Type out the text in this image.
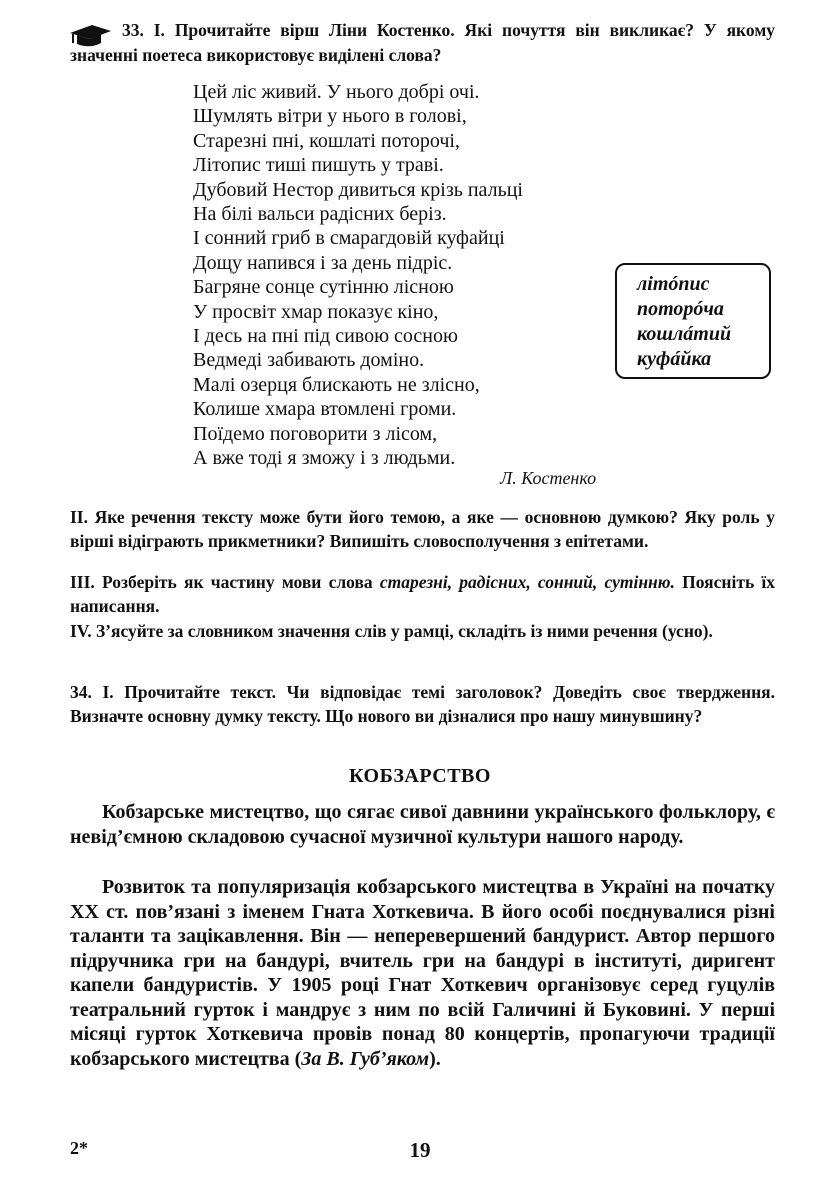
33. I. Прочитайте вірш Ліни Костенко. Які почуття він викликає? У якому значенні поетеса використовує виділені слова?
Цей ліс живий. У нього добрі очі.
Шумлять вітри у нього в голові,
Старезні пні, кошлаті поторочі,
Літопис тиші пишуть у траві.
Дубовий Нестор дивиться крізь пальці
На білі вальси радісних беріз.
І сонний гриб в смарагдовій куфайці
Дощу напився і за день підріс.
Багряне сонце сутінню лісною
У просвіт хмар показує кіно,
І десь на пні під сивою сосною
Ведмеді забивають доміно.
Малі озерця блискають не злісно,
Колише хмара втомлені громи.
Поїдемо поговорити з лісом,
А вже тоді я зможу і з людьми.
Л. Костенко
літóпис
поторóча
кошлáтий
куфáйка
II. Яке речення тексту може бути його темою, а яке — основною думкою? Яку роль у вірші відіграють прикметники? Випишіть словосполучення з епітетами.
III. Розберіть як частину мови слова старезні, радісних, сонний, сутінню. Поясніть їх написання.
IV. З’ясуйте за словником значення слів у рамці, складіть із ними речення (усно).
34. I. Прочитайте текст. Чи відповідає темі заголовок? Доведіть своє твердження. Визначте основну думку тексту. Що нового ви дізналися про нашу минувшину?
КОБЗАРСТВО
Кобзарське мистецтво, що сягає сивої давнини українського фольклору, є невід’ємною складовою сучасної музичної культури нашого народу.
Розвиток та популяризація кобзарського мистецтва в Україні на початку XX ст. пов’язані з іменем Гната Хоткевича. В його особі поєднувалися різні таланти та зацікавлення. Він — неперевершений бандурист. Автор першого підручника гри на бандурі, вчитель гри на бандурі в інституті, диригент капели бандуристів. У 1905 році Гнат Хоткевич організовує серед гуцулів театральний гурток і мандрує з ним по всій Галичині й Буковині. У перші місяці гурток Хоткевича провів понад 80 концертів, пропагуючи традиції кобзарського мистецтва (За В. Губ’яком).
2*	19
